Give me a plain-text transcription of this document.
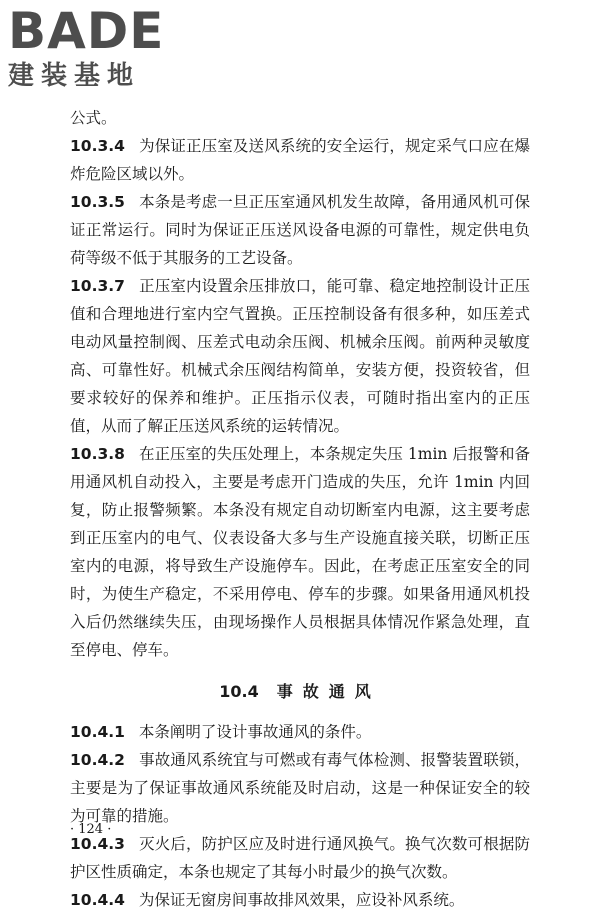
BADE
建装基地

公式。

10.3.4 为保证正压室及送风系统的安全运行，规定采气口应在爆炸危险区域以外。

10.3.5 本条是考虑一旦正压室通风机发生故障，备用通风机可保证正常运行。同时为保证正压送风设备电源的可靠性，规定供电负荷等级不低于其服务的工艺设备。

10.3.7 正压室内设置余压排放口，能可靠、稳定地控制设计正压值和合理地进行室内空气置换。正压控制设备有很多种，如压差式电动风量控制阀、压差式电动余压阀、机械余压阀。前两种灵敏度高、可靠性好。机械式余压阀结构简单，安装方便，投资较省，但要求较好的保养和维护。正压指示仪表，可随时指出室内的正压值，从而了解正压送风系统的运转情况。

10.3.8 在正压室的失压处理上，本条规定失压 1min 后报警和备用通风机自动投入，主要是考虑开门造成的失压，允许 1min 内回复，防止报警频繁。本条没有规定自动切断室内电源，这主要考虑到正压室内的电气、仪表设备大多与生产设施直接关联，切断正压室内的电源，将导致生产设施停车。因此，在考虑正压室安全的同时，为使生产稳定，不采用停电、停车的步骤。如果备用通风机投入后仍然继续失压，由现场操作人员根据具体情况作紧急处理，直至停电、停车。

10.4 事故通风

10.4.1 本条阐明了设计事故通风的条件。

10.4.2 事故通风系统宜与可燃或有毒气体检测、报警装置联锁，主要是为了保证事故通风系统能及时启动，这是一种保证安全的较为可靠的措施。

10.4.3 灭火后，防护区应及时进行通风换气。换气次数可根据防护区性质确定，本条也规定了其每小时最少的换气次数。

10.4.4 为保证无窗房间事故排风效果，应设补风系统。

· 124 ·
